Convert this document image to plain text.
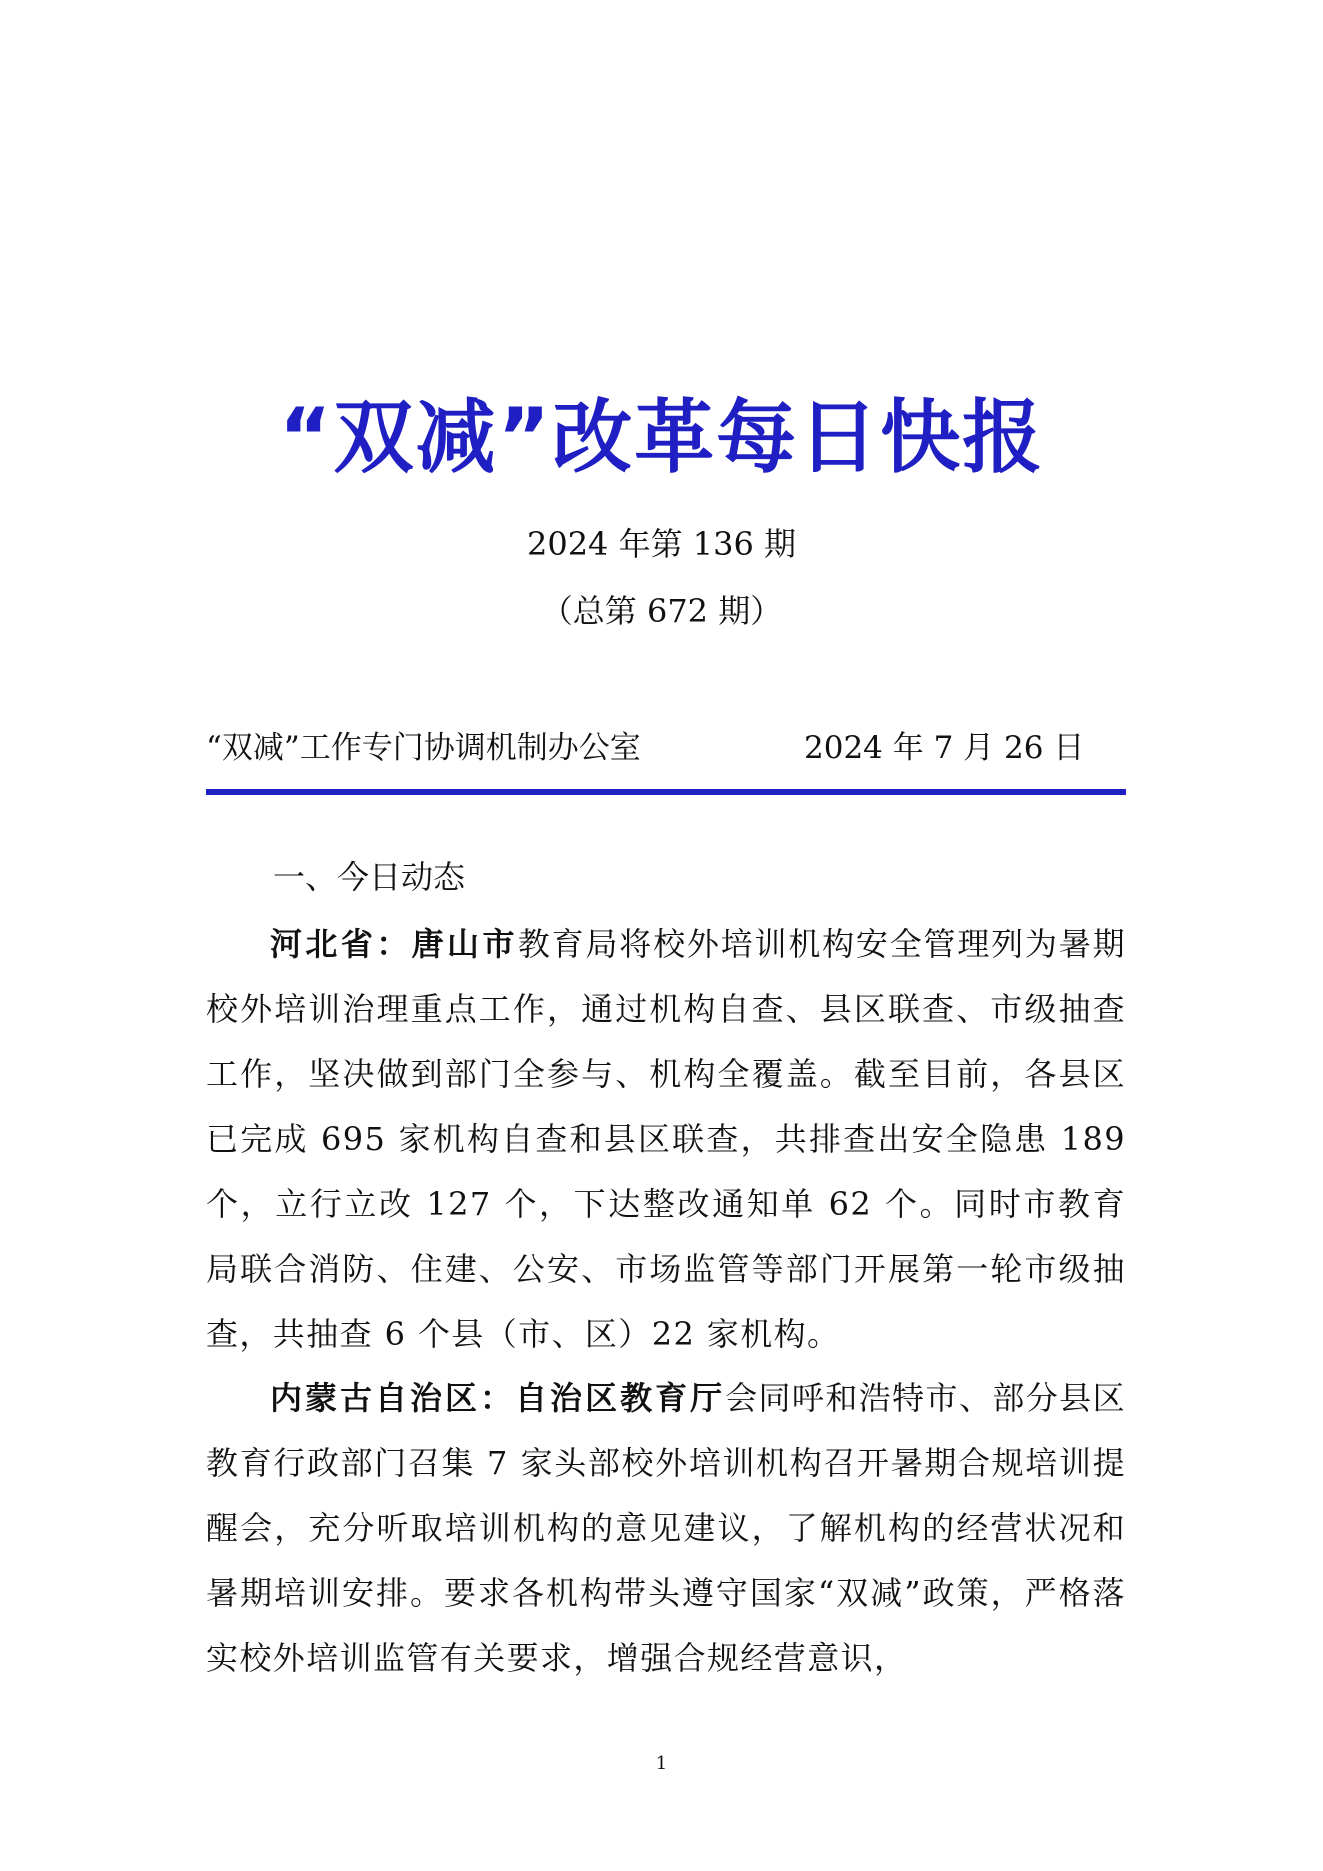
“双减”改革每日快报
2024 年第 136 期
（总第 672 期）
“双减”工作专门协调机制办公室	2024 年 7 月 26 日
一、今日动态

河北省：唐山市教育局将校外培训机构安全管理列为暑期校外培训治理重点工作，通过机构自查、县区联查、市级抽查工作，坚决做到部门全参与、机构全覆盖。截至目前，各县区已完成 695 家机构自查和县区联查，共排查出安全隐患 189 个，立行立改 127 个，下达整改通知单 62 个。同时市教育局联合消防、住建、公安、市场监管等部门开展第一轮市级抽查，共抽查 6 个县（市、区）22 家机构。

内蒙古自治区：自治区教育厅会同呼和浩特市、部分县区教育行政部门召集 7 家头部校外培训机构召开暑期合规培训提醒会，充分听取培训机构的意见建议，了解机构的经营状况和暑期培训安排。要求各机构带头遵守国家“双减”政策，严格落实校外培训监管有关要求，增强合规经营意识，

1
